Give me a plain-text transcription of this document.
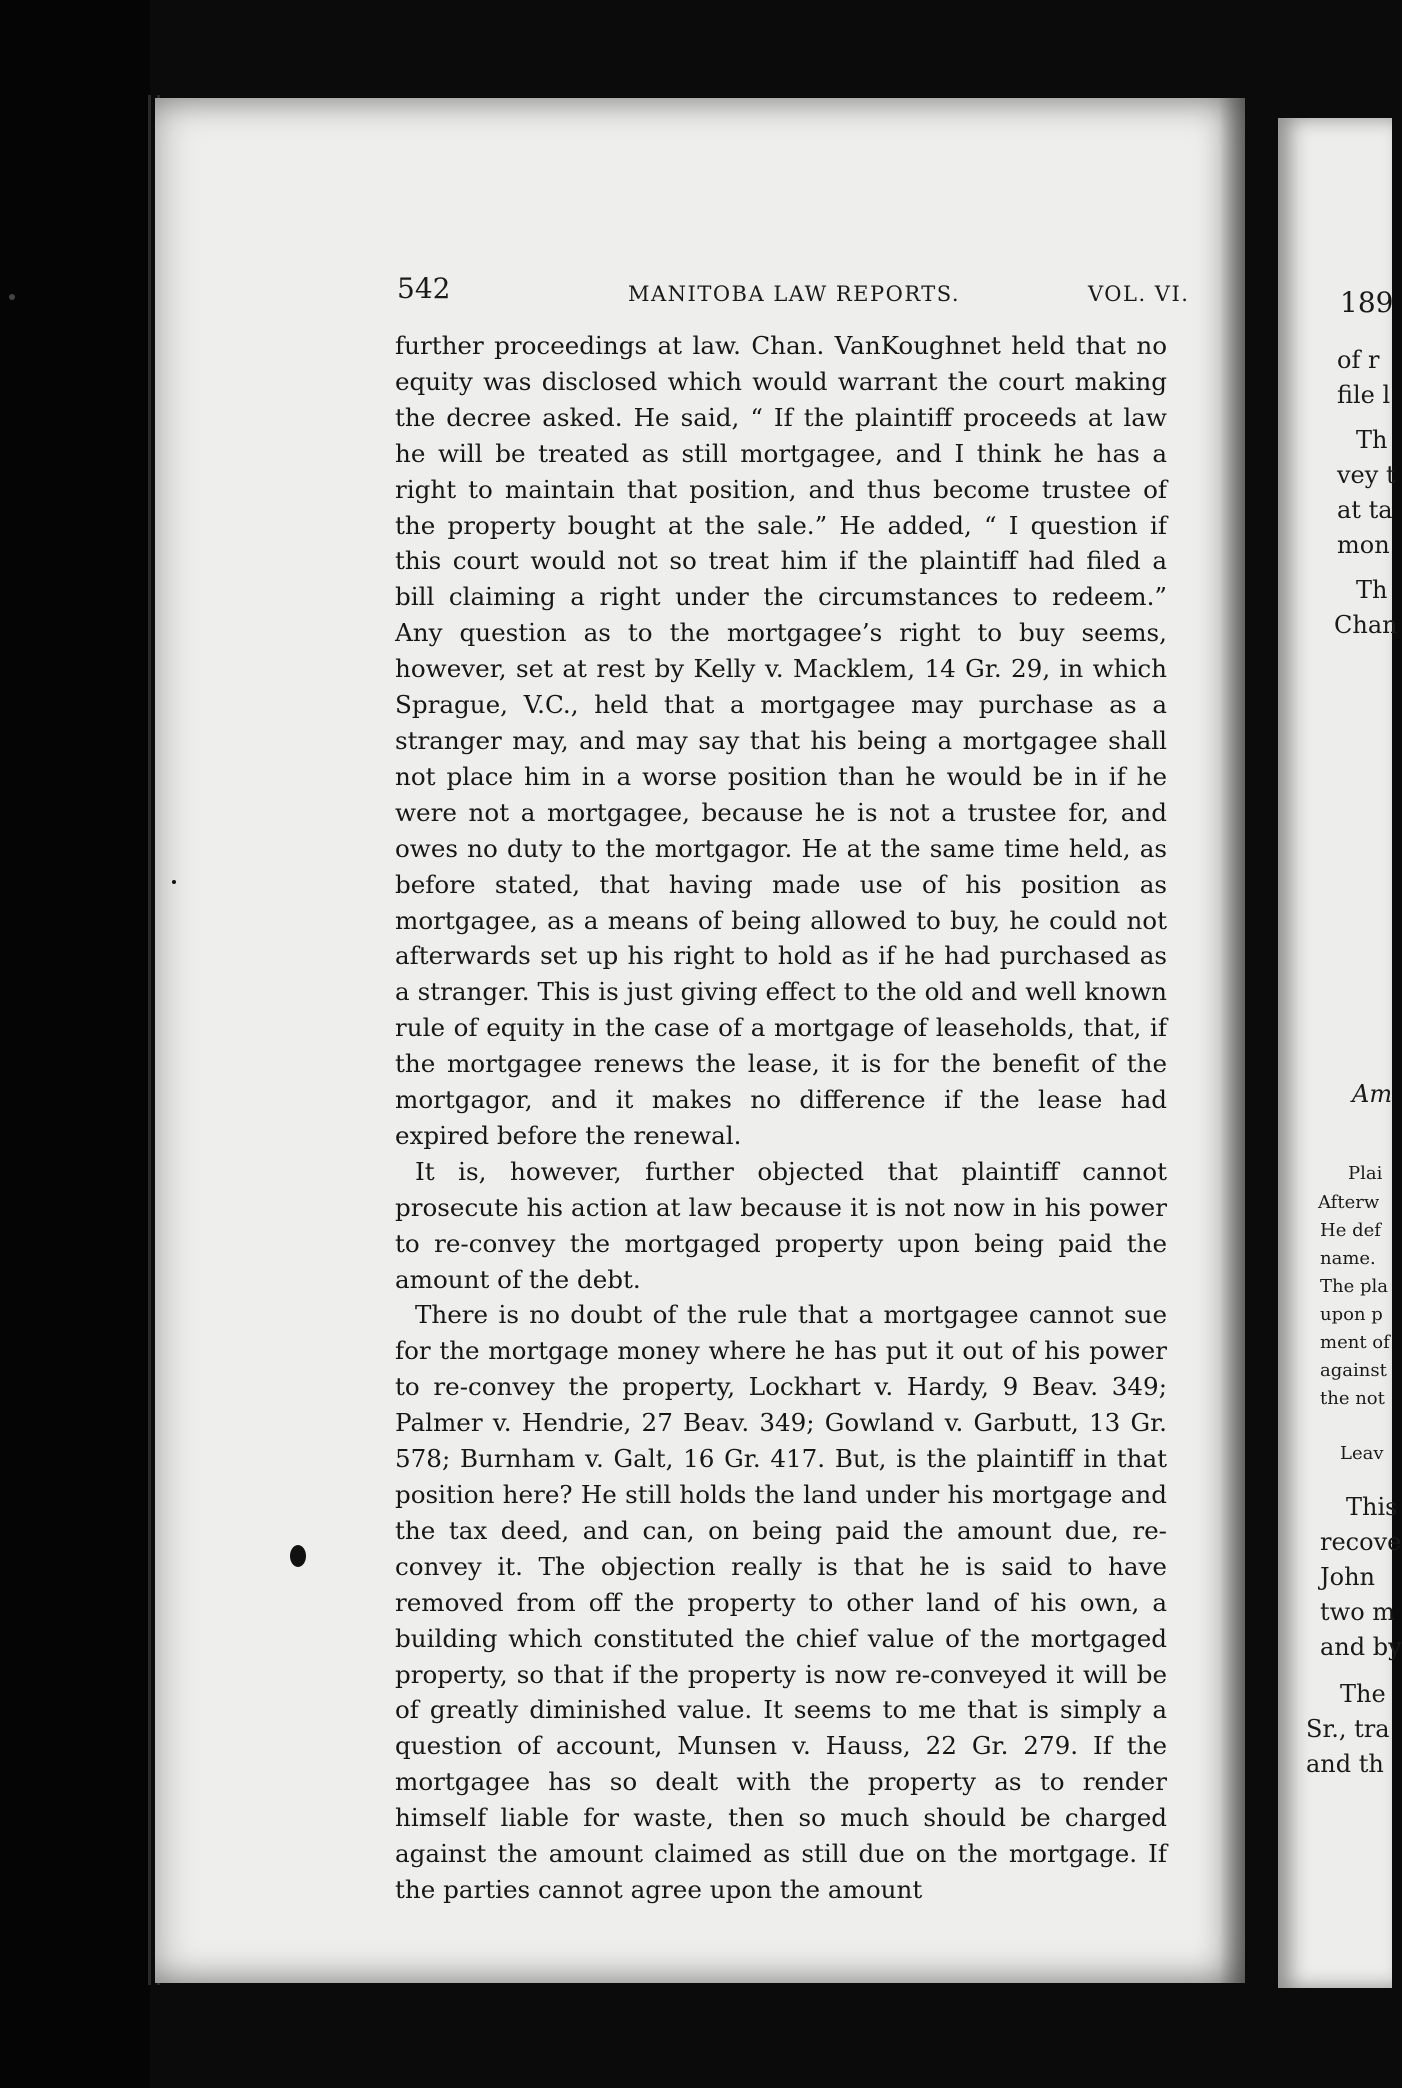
542	MANITOBA LAW REPORTS.	VOL. VI.

further proceedings at law. Chan. VanKoughnet held that no equity was disclosed which would warrant the court making the decree asked. He said, “ If the plaintiff proceeds at law he will be treated as still mortgagee, and I think he has a right to maintain that position, and thus become trustee of the property bought at the sale.” He added, “ I question if this court would not so treat him if the plaintiff had filed a bill claiming a right under the circumstances to redeem.” Any question as to the mortgagee’s right to buy seems, however, set at rest by Kelly v. Macklem, 14 Gr. 29, in which Sprague, V.C., held that a mortgagee may purchase as a stranger may, and may say that his being a mortgagee shall not place him in a worse position than he would be in if he were not a mortgagee, because he is not a trustee for, and owes no duty to the mortgagor. He at the same time held, as before stated, that having made use of his position as mortgagee, as a means of being allowed to buy, he could not afterwards set up his right to hold as if he had purchased as a stranger. This is just giving effect to the old and well known rule of equity in the case of a mortgage of leaseholds, that, if the mortgagee renews the lease, it is for the benefit of the mortgagor, and it makes no difference if the lease had expired before the renewal.

It is, however, further objected that plaintiff cannot prosecute his action at law because it is not now in his power to re-convey the mortgaged property upon being paid the amount of the debt.

There is no doubt of the rule that a mortgagee cannot sue for the mortgage money where he has put it out of his power to re-convey the property, Lockhart v. Hardy, 9 Beav. 349; Palmer v. Hendrie, 27 Beav. 349; Gowland v. Garbutt, 13 Gr. 578; Burnham v. Galt, 16 Gr. 417. But, is the plaintiff in that position here? He still holds the land under his mortgage and the tax deed, and can, on being paid the amount due, re-convey it. The objection really is that he is said to have removed from off the property to other land of his own, a building which constituted the chief value of the mortgaged property, so that if the property is now re-conveyed it will be of greatly diminished value. It seems to me that is simply a question of account, Munsen v. Hauss, 22 Gr. 279. If the mortgagee has so dealt with the property as to render himself liable for waste, then so much should be charged against the amount claimed as still due on the mortgage. If the parties cannot agree upon the amount

189
of r
file l
Th
vey t
at ta
mon
Th
Chan
Am
Plai
Afterw
He def
name.
The pla
upon p
ment of
against
the not
Leav
This
recove
John
two m
and by
The
Sr., tra
and th
